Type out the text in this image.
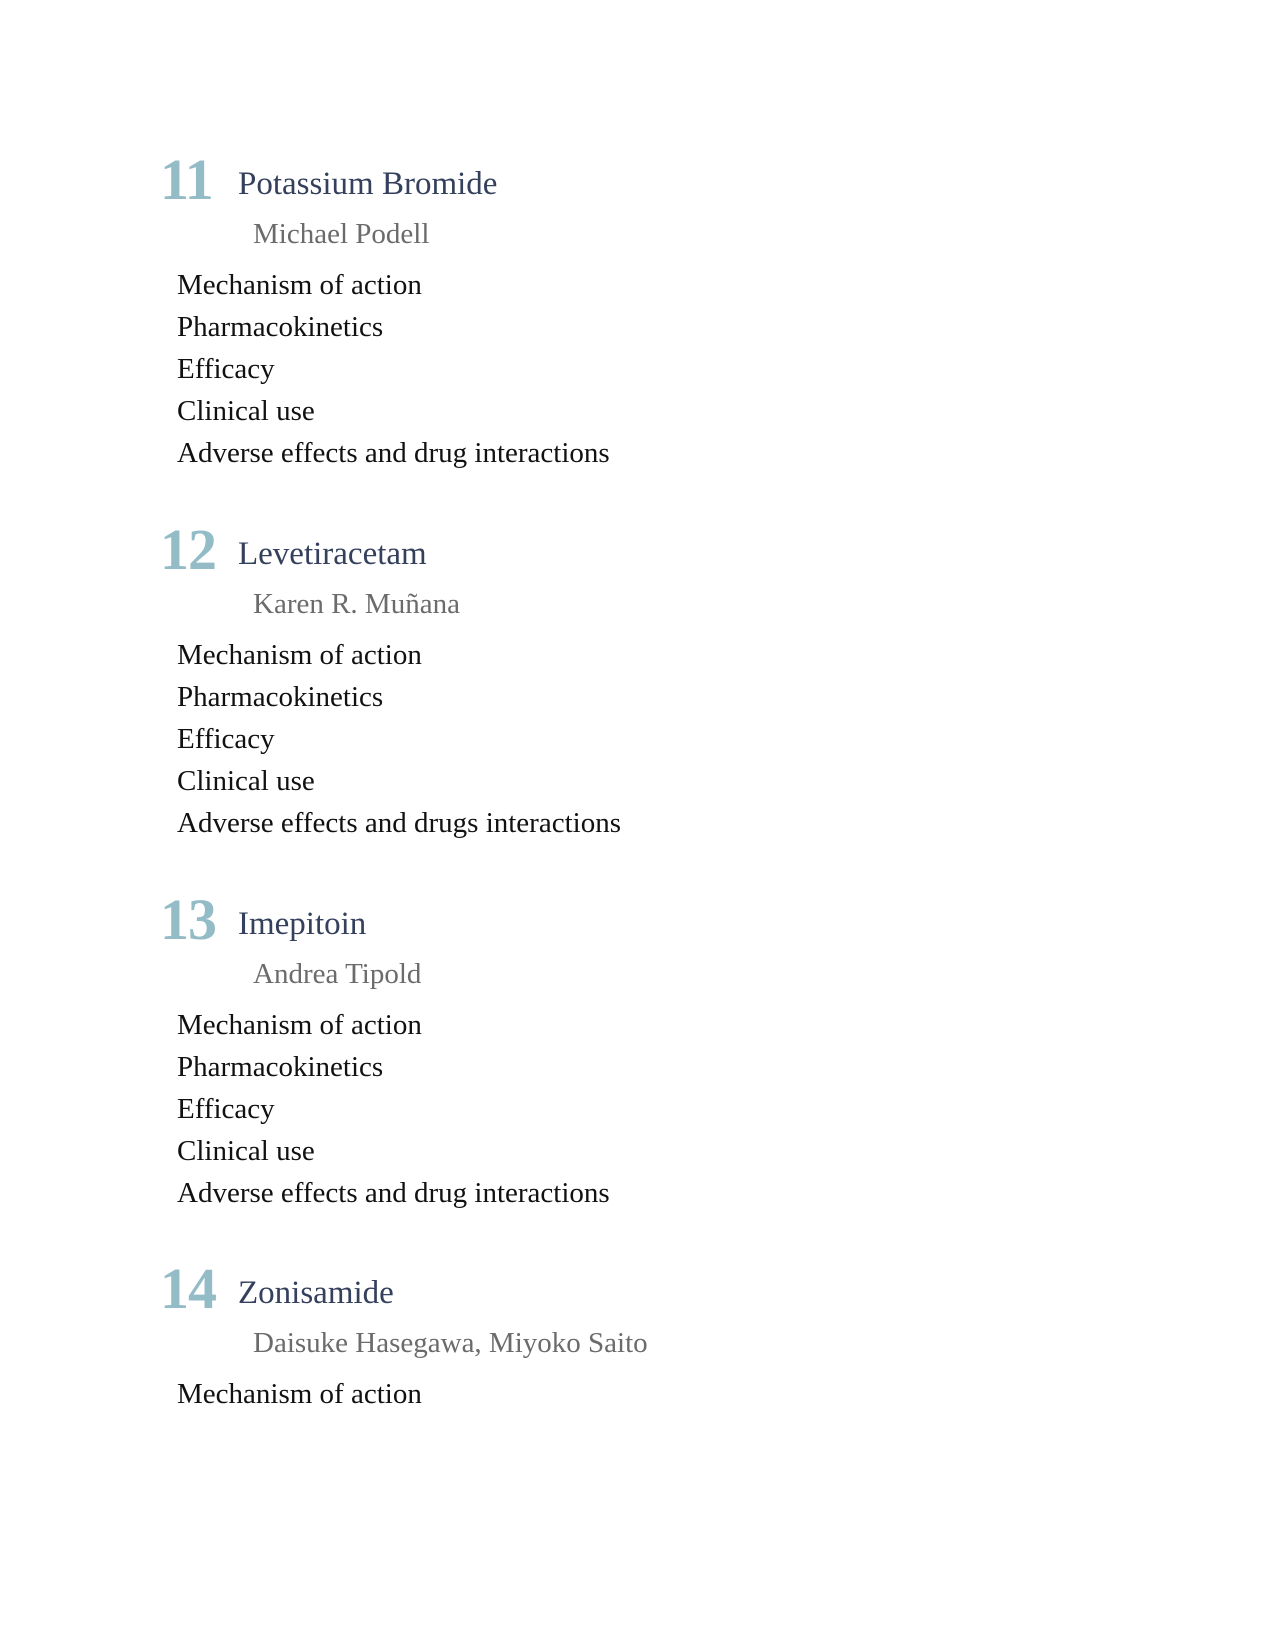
11 Potassium Bromide
Michael Podell
Mechanism of action
Pharmacokinetics
Efficacy
Clinical use
Adverse effects and drug interactions
12 Levetiracetam
Karen R. Muñana
Mechanism of action
Pharmacokinetics
Efficacy
Clinical use
Adverse effects and drugs interactions
13 Imepitoin
Andrea Tipold
Mechanism of action
Pharmacokinetics
Efficacy
Clinical use
Adverse effects and drug interactions
14 Zonisamide
Daisuke Hasegawa, Miyoko Saito
Mechanism of action
